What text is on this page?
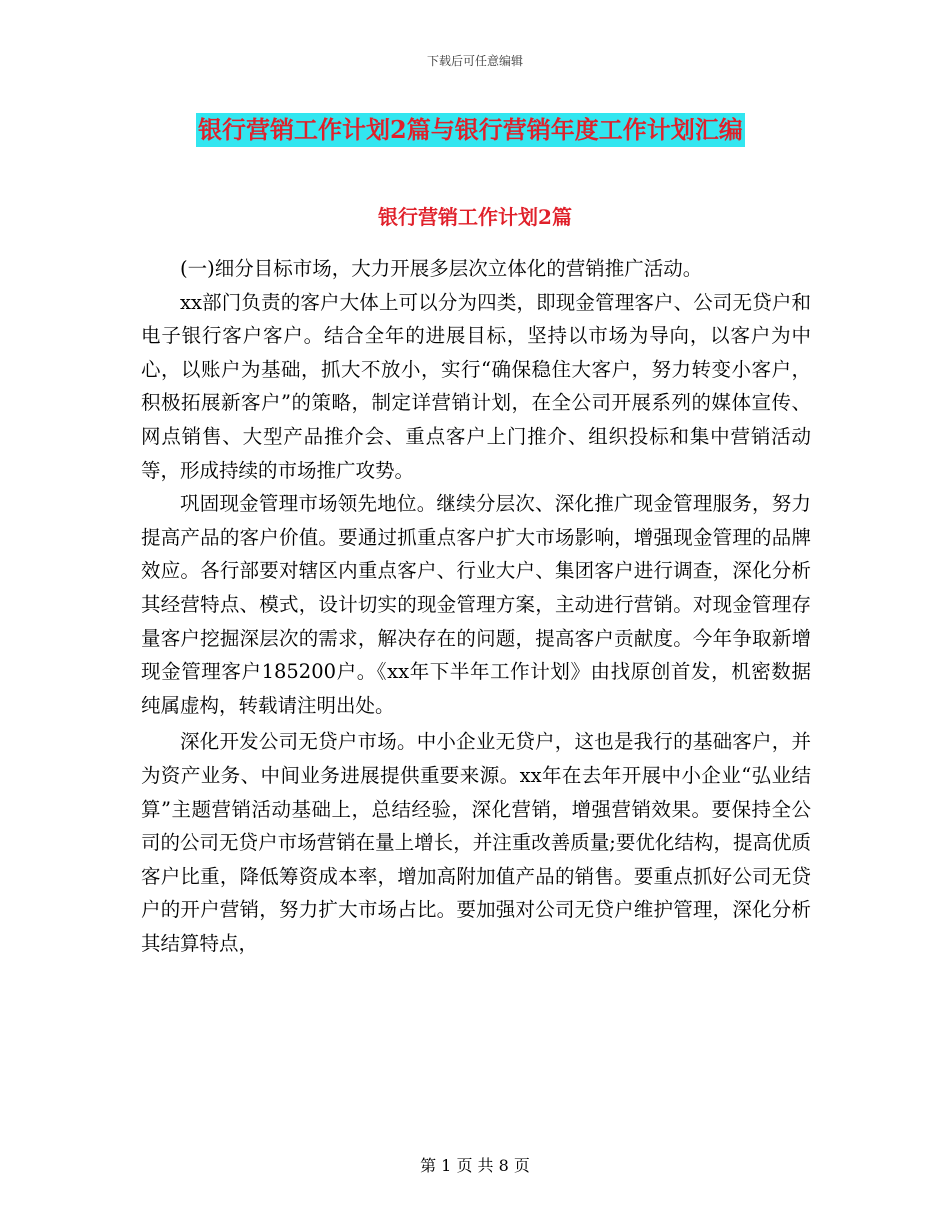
下载后可任意编辑
银行营销工作计划2篇与银行营销年度工作计划汇编
银行营销工作计划2篇

(一)细分目标市场，大力开展多层次立体化的营销推广活动。

xx部门负责的客户大体上可以分为四类，即现金管理客户、公司无贷户和电子银行客户客户。结合全年的进展目标，坚持以市场为导向，以客户为中心，以账户为基础，抓大不放小，实行“确保稳住大客户，努力转变小客户，积极拓展新客户”的策略，制定详营销计划，在全公司开展系列的媒体宣传、网点销售、大型产品推介会、重点客户上门推介、组织投标和集中营销活动等，形成持续的市场推广攻势。

巩固现金管理市场领先地位。继续分层次、深化推广现金管理服务，努力提高产品的客户价值。要通过抓重点客户扩大市场影响，增强现金管理的品牌效应。各行部要对辖区内重点客户、行业大户、集团客户进行调查，深化分析其经营特点、模式，设计切实的现金管理方案，主动进行营销。对现金管理存量客户挖掘深层次的需求，解决存在的问题，提高客户贡献度。今年争取新增现金管理客户185200户。《xx年下半年工作计划》由找原创首发，机密数据纯属虚构，转载请注明出处。

深化开发公司无贷户市场。中小企业无贷户，这也是我行的基础客户，并为资产业务、中间业务进展提供重要来源。xx年在去年开展中小企业“弘业结算”主题营销活动基础上，总结经验，深化营销，增强营销效果。要保持全公司的公司无贷户市场营销在量上增长，并注重改善质量;要优化结构，提高优质客户比重，降低筹资成本率，增加高附加值产品的销售。要重点抓好公司无贷户的开户营销，努力扩大市场占比。要加强对公司无贷户维护管理，深化分析其结算特点，

第 1 页 共 8 页
